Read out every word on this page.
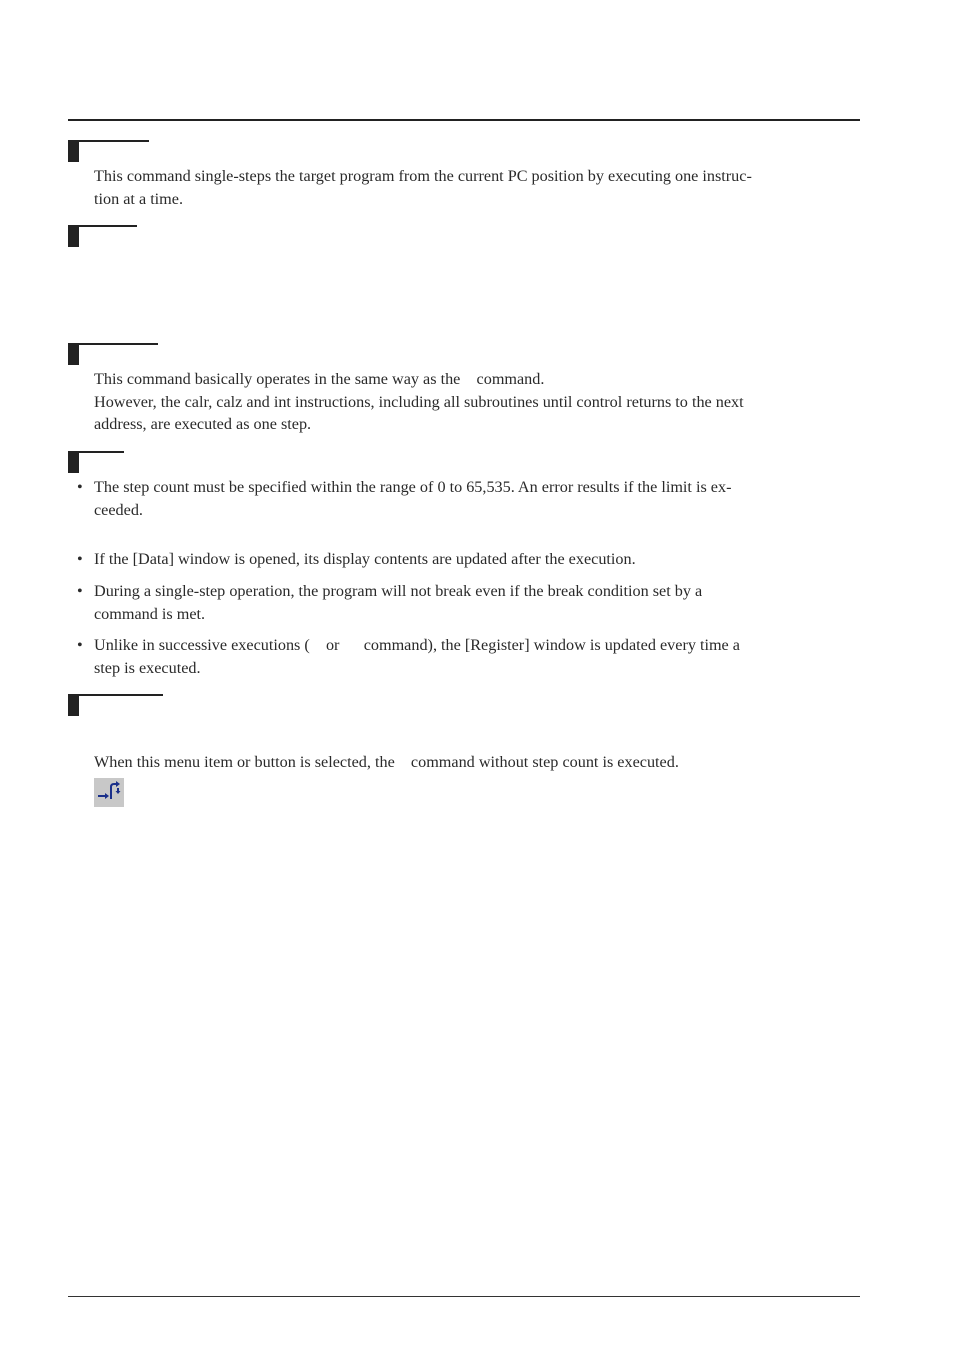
This command single-steps the target program from the current PC position by executing one instruc-
tion at a time.
This command basically operates in the same way as the    command.
However, the calr, calz and int instructions, including all subroutines until control returns to the next
address, are executed as one step.
• The step count must be specified within the range of 0 to 65,535. An error results if the limit is ex-
ceeded.
• If the [Data] window is opened, its display contents are updated after the execution.
• During a single-step operation, the program will not break even if the break condition set by a
command is met.
• Unlike in successive executions (    or      command), the [Register] window is updated every time a
step is executed.
When this menu item or button is selected, the    command without step count is executed.
